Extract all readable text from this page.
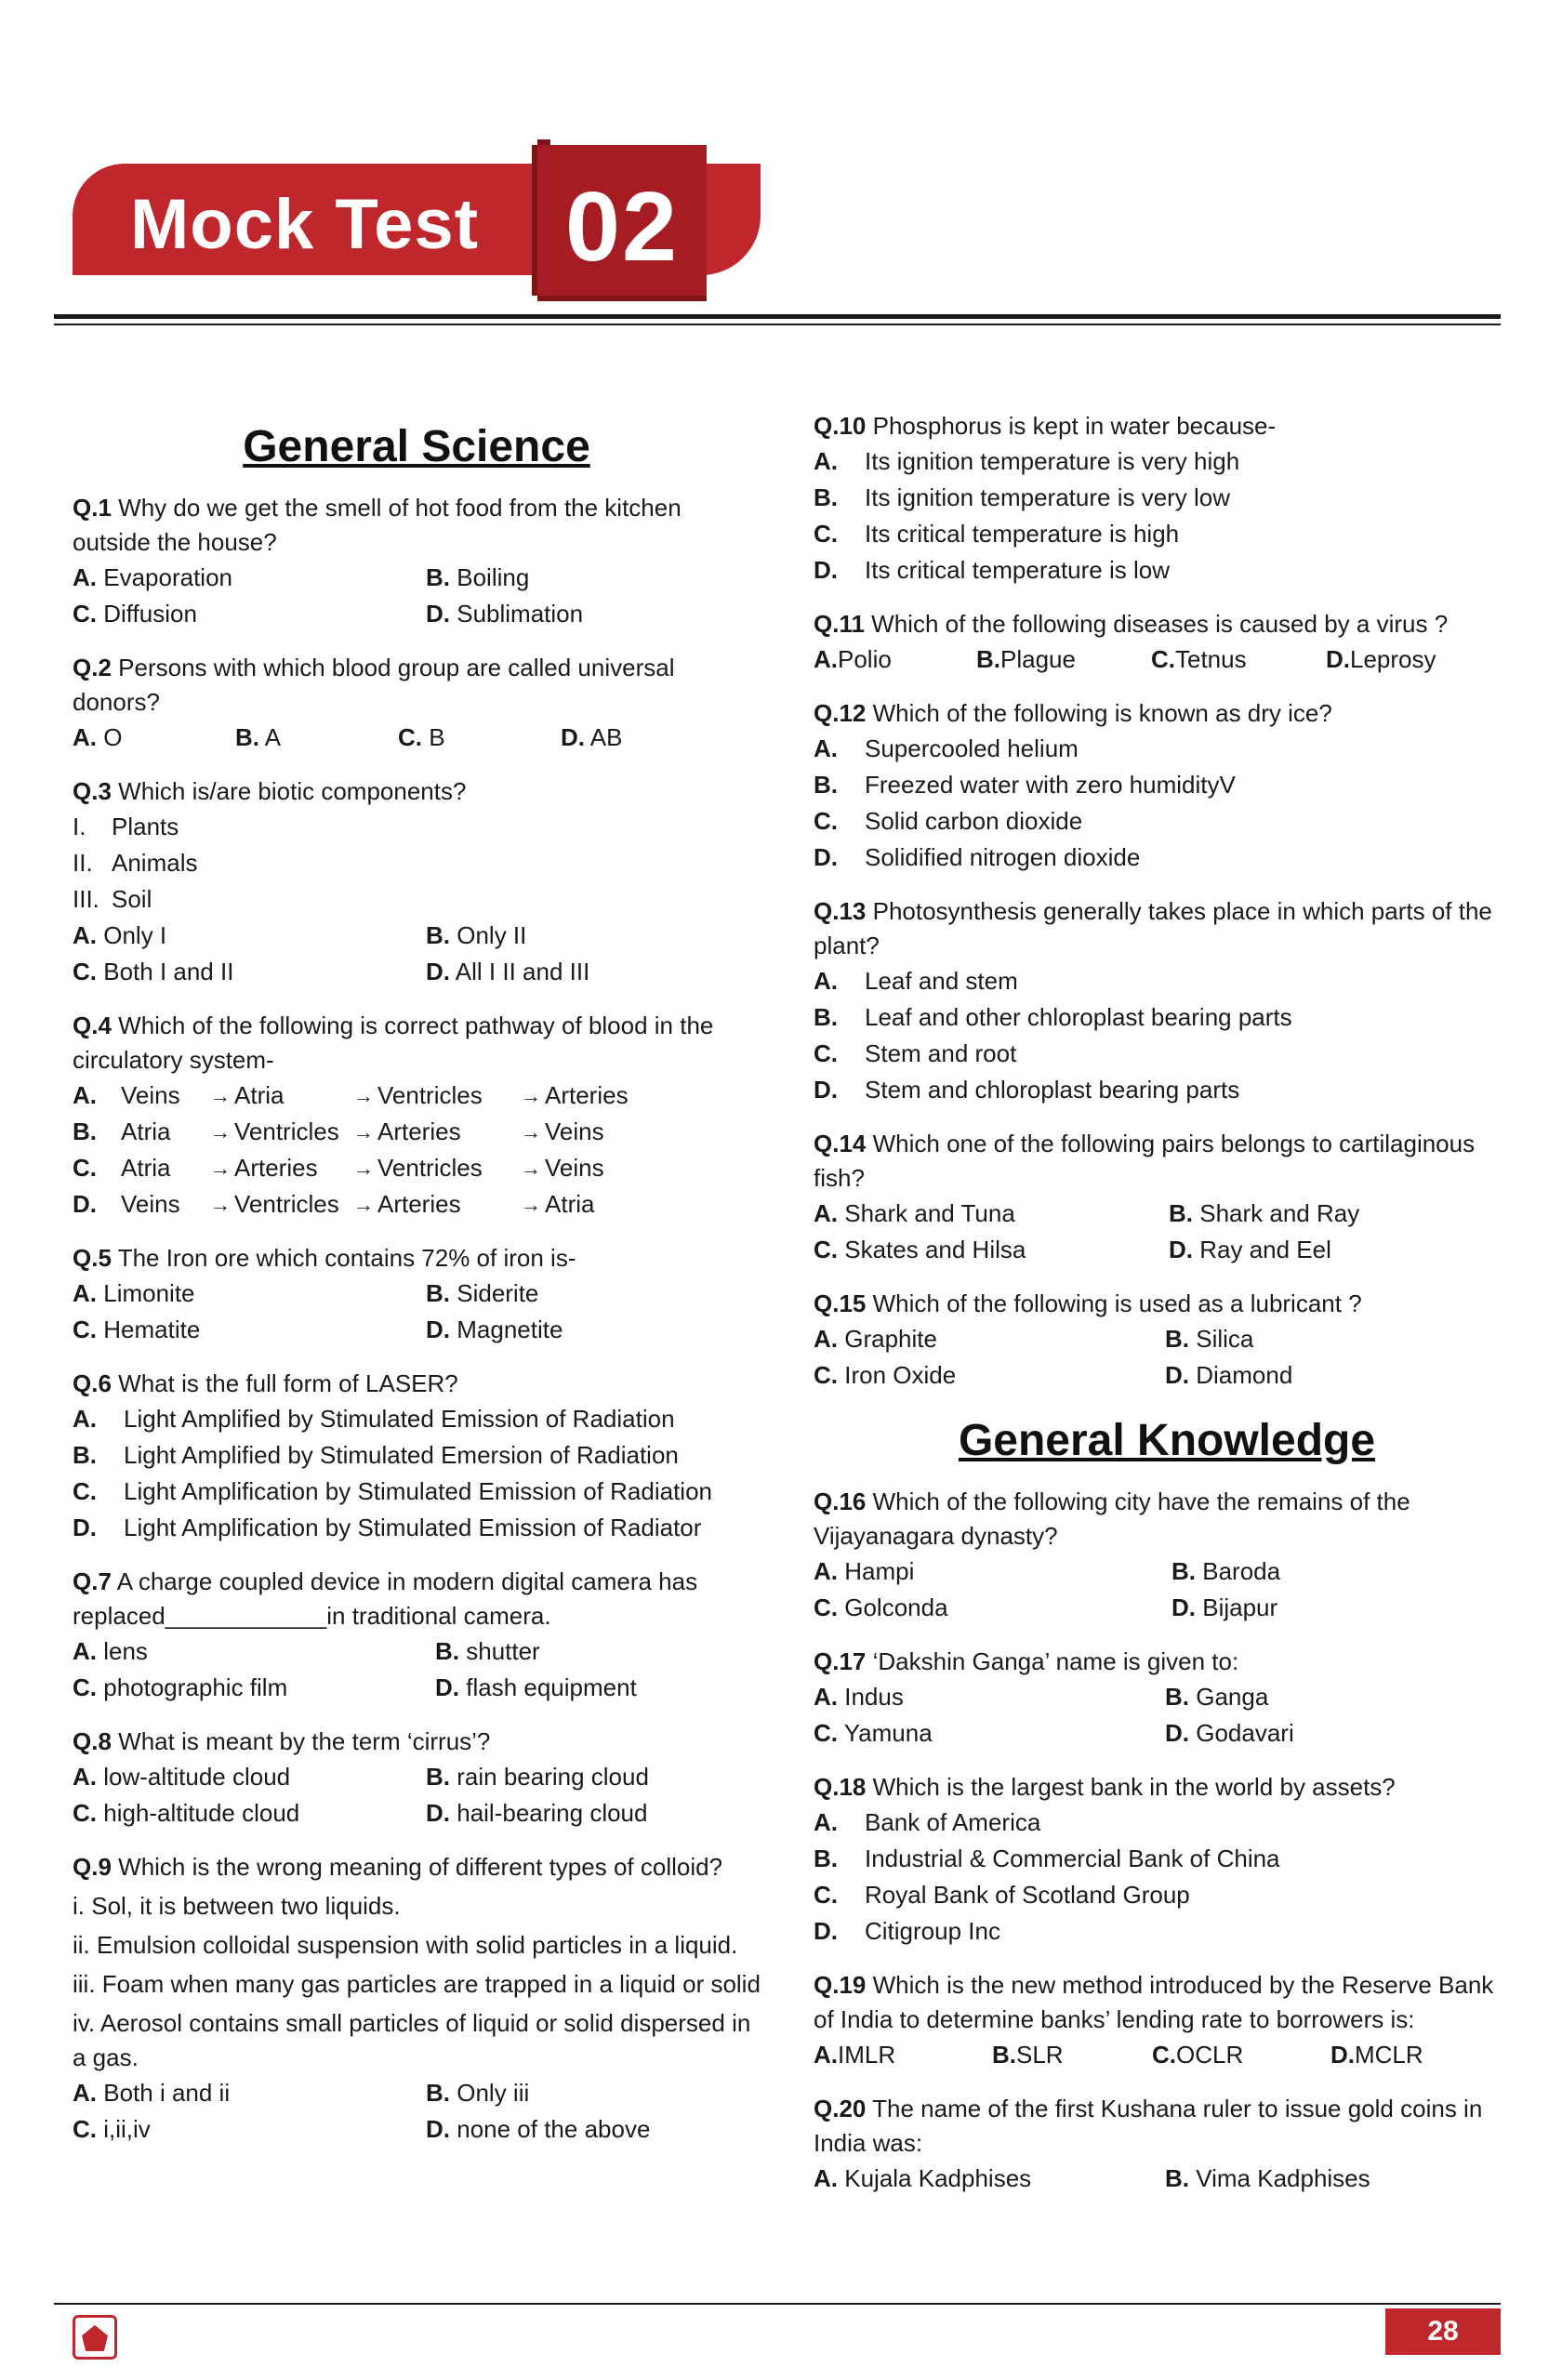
Mock Test 02
General Science
Q.1 Why do we get the smell of hot food from the kitchen outside the house?
A. Evaporation	B. Boiling
C. Diffusion	D. Sublimation
Q.2 Persons with which blood group are called universal donors?
A. O	B. A	C. B	D. AB
Q.3 Which is/are biotic components?
I.	Plants
II. Animals
III. Soil
A. Only I	B. Only II
C. Both I and II	D. All I II and III
Q.4 Which of the following is correct pathway of blood in the circulatory system-
A.	Veins	→ Atria	→ Ventricles	→ Arteries
B.	Atria	→ Ventricles → Arteries	→ Veins
C.	Atria	→ Arteries	→ Ventricles	→ Veins
D.	Veins	→ Ventricles → Arteries	→ Atria
Q.5 The Iron ore which contains 72% of iron is-
A. Limonite	B. Siderite
C. Hematite	D. Magnetite
Q.6 What is the full form of LASER?
A.	Light Amplified by Stimulated Emission of Radiation
B.	Light Amplified by Stimulated Emersion of Radiation
C.	Light Amplification by Stimulated Emission of Radiation
D.	Light Amplification by Stimulated Emission of Radiator
Q.7 A charge coupled device in modern digital camera has replaced____________in traditional camera.
A. lens	B. shutter
C. photographic film	D. flash equipment
Q.8 What is meant by the term ‘cirrus’?
A. low-altitude cloud	B. rain bearing cloud
C. high-altitude cloud	D. hail-bearing cloud
Q.9 Which is the wrong meaning of different types of colloid?
i. Sol, it is between two liquids.
ii. Emulsion colloidal suspension with solid particles in a liquid.
iii. Foam when many gas particles are trapped in a liquid or solid
iv. Aerosol contains small particles of liquid or solid dispersed in a gas.
A. Both i and ii	B. Only iii
C. i,ii,iv	D. none of the above
Q.10 Phosphorus is kept in water because-
A.	Its ignition temperature is very high
B.	Its ignition temperature is very low
C.	Its critical temperature is high
D.	Its critical temperature is low
Q.11 Which of the following diseases is caused by a virus ?
A.Polio	B.Plague	C.Tetnus	D.Leprosy
Q.12 Which of the following is known as dry ice?
A.	Supercooled helium
B.	Freezed water with zero humidityV
C.	Solid carbon dioxide
D.	Solidified nitrogen dioxide
Q.13 Photosynthesis generally takes place in which parts of the plant?
A.	Leaf and stem
B.	Leaf and other chloroplast bearing parts
C.	Stem and root
D.	Stem and chloroplast bearing parts
Q.14 Which one of the following pairs belongs to cartilaginous fish?
A. Shark and Tuna	B. Shark and Ray
C. Skates and Hilsa	D. Ray and Eel
Q.15 Which of the following is used as a lubricant ?
A. Graphite	B. Silica
C. Iron Oxide	D. Diamond
General Knowledge
Q.16 Which of the following city have the remains of the Vijayanagara dynasty?
A. Hampi	B. Baroda
C. Golconda	D. Bijapur
Q.17 ‘Dakshin Ganga’ name is given to:
A. Indus	B. Ganga
C. Yamuna	D. Godavari
Q.18 Which is the largest bank in the world by assets?
A.	Bank of America
B.	Industrial & Commercial Bank of China
C.	Royal Bank of Scotland Group
D.	Citigroup Inc
Q.19 Which is the new method introduced by the Reserve Bank of India to determine banks’ lending rate to borrowers is:
A.IMLR	B.SLR	C.OCLR	D.MCLR
Q.20 The name of the first Kushana ruler to issue gold coins in India was:
A. Kujala Kadphises	B. Vima Kadphises
28
